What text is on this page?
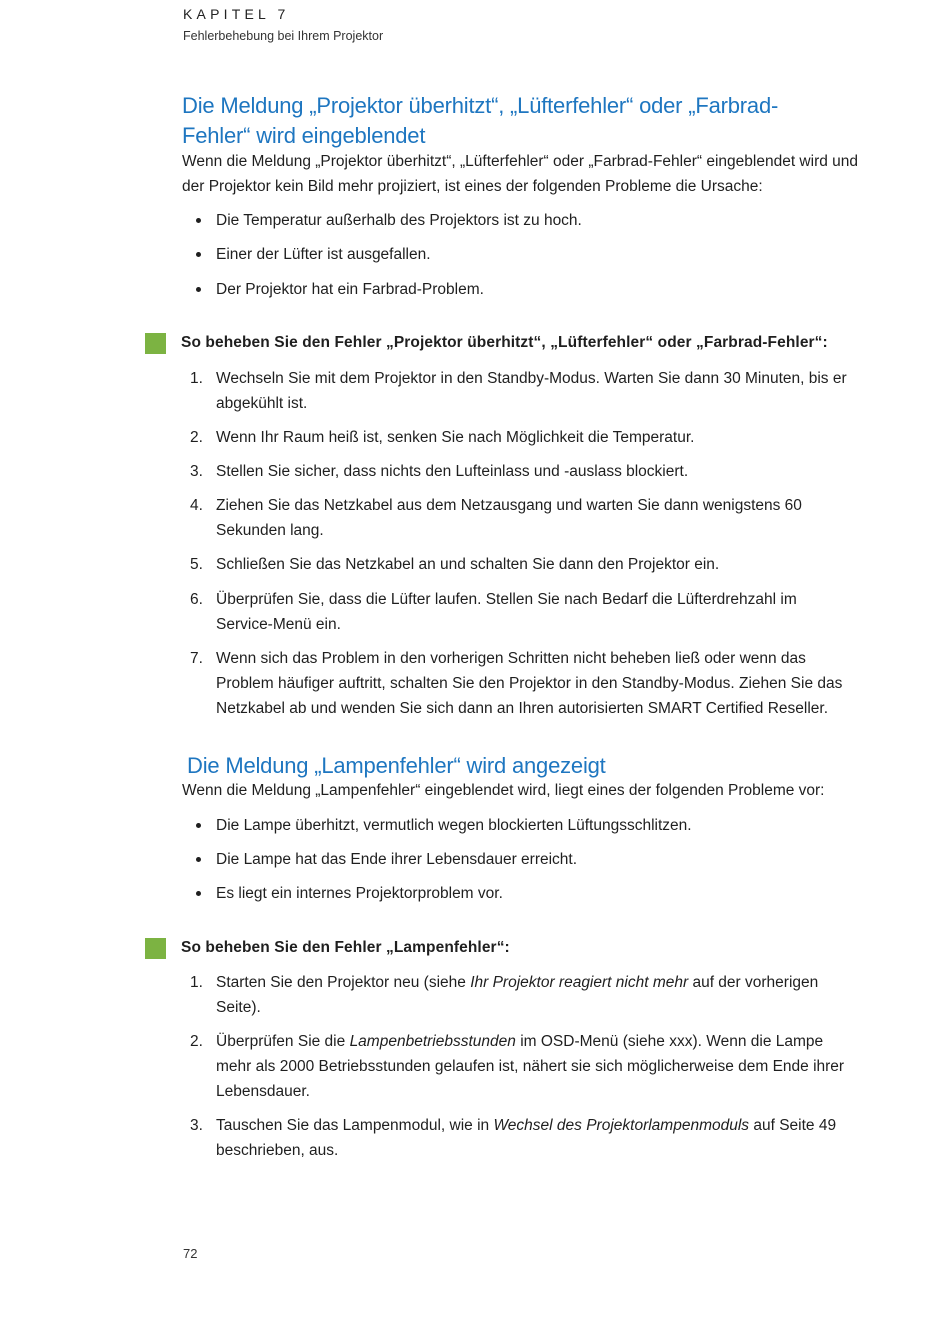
KAPITEL 7
Fehlerbehebung bei Ihrem Projektor
Die Meldung „Projektor überhitzt“, „Lüfterfehler“ oder „Farbrad-
Fehler“ wird eingeblendet

Wenn die Meldung „Projektor überhitzt“, „Lüfterfehler“ oder „Farbrad-Fehler“ eingeblendet wird und
der Projektor kein Bild mehr projiziert, ist eines der folgenden Probleme die Ursache:

Die Temperatur außerhalb des Projektors ist zu hoch.
Einer der Lüfter ist ausgefallen.
Der Projektor hat ein Farbrad-Problem.
So beheben Sie den Fehler „Projektor überhitzt“, „Lüfterfehler“ oder „Farbrad-Fehler“:
1. Wechseln Sie mit dem Projektor in den Standby-Modus. Warten Sie dann 30 Minuten, bis er
abgekühlt ist.
2. Wenn Ihr Raum heiß ist, senken Sie nach Möglichkeit die Temperatur.
3. Stellen Sie sicher, dass nichts den Lufteinlass und -auslass blockiert.
4. Ziehen Sie das Netzkabel aus dem Netzausgang und warten Sie dann wenigstens 60
Sekunden lang.
5. Schließen Sie das Netzkabel an und schalten Sie dann den Projektor ein.
6. Überprüfen Sie, dass die Lüfter laufen. Stellen Sie nach Bedarf die Lüfterdrehzahl im
Service-Menü ein.
7. Wenn sich das Problem in den vorherigen Schritten nicht beheben ließ oder wenn das
Problem häufiger auftritt, schalten Sie den Projektor in den Standby-Modus. Ziehen Sie das
Netzkabel ab und wenden Sie sich dann an Ihren autorisierten SMART Certified Reseller.
Die Meldung „Lampenfehler“ wird angezeigt

Wenn die Meldung „Lampenfehler“ eingeblendet wird, liegt eines der folgenden Probleme vor:

Die Lampe überhitzt, vermutlich wegen blockierten Lüftungsschlitzen.
Die Lampe hat das Ende ihrer Lebensdauer erreicht.
Es liegt ein internes Projektorproblem vor.
So beheben Sie den Fehler „Lampenfehler“:
1. Starten Sie den Projektor neu (siehe Ihr Projektor reagiert nicht mehr auf der vorherigen
Seite).
2. Überprüfen Sie die Lampenbetriebsstunden im OSD-Menü (siehe xxx). Wenn die Lampe
mehr als 2000 Betriebsstunden gelaufen ist, nähert sie sich möglicherweise dem Ende ihrer
Lebensdauer.
3. Tauschen Sie das Lampenmodul, wie in Wechsel des Projektorlampenmoduls auf Seite 49
beschrieben, aus.
72
